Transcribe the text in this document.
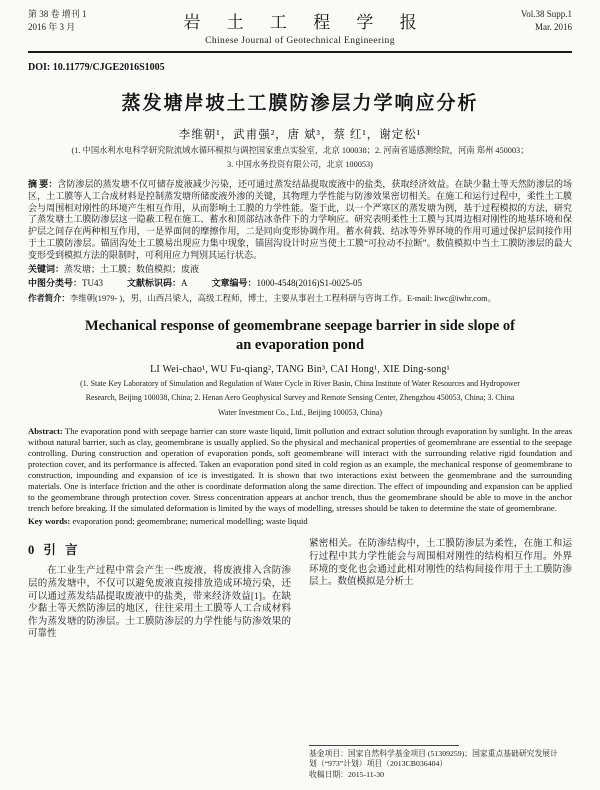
第 38 卷 增刊 1
2016 年 3 月	岩 土 工 程 学 报
Chinese Journal of Geotechnical Engineering
Vol.38 Supp.1
Mar. 2016
DOI: 10.11779/CJGE2016S1005
蒸发塘岸坡土工膜防渗层力学响应分析
李维朝¹，武甫强²，唐 斌³，蔡 红¹，谢定松¹
(1. 中国水利水电科学研究院流域水循环模拟与调控国家重点实验室，北京 100038；2. 河南省遥感测绘院，河南 郑州 450003；
3. 中国水务投资有限公司，北京 100053)

摘 要：含防渗层的蒸发塘不仅可储存废液减少污染，还可通过蒸发结晶提取废液中的盐类，获取经济效益。在缺少黏土等天然防渗层的场区，土工膜等人工合成材料是控制蒸发塘所储废液外渗的关键，其物理力学性能与防渗效果密切相关。在施工和运行过程中，柔性土工膜会与周围相对刚性的环境产生相互作用，从而影响土工膜的力学性能。鉴于此，以一个严寒区的蒸发塘为例，基于过程模拟的方法，研究了蒸发塘土工膜防渗层这一隐蔽工程在施工、蓄水和顶部结冰条件下的力学响应。研究表明柔性土工膜与其周边相对刚性的地基环境和保护层之间存在两种相互作用，一是界面间的摩擦作用，二是同向变形协调作用。蓄水荷载、结冰等外界环境的作用可通过保护层间接作用于土工膜防渗层。锚固沟处土工膜易出现应力集中现象，锚固沟设计时应当使土工膜“可拉动不拉断”。数值模拟中当土工膜防渗层的最大变形受到模拟方法的限制时，可利用应力判别其运行状态。

关键词：蒸发塘；土工膜；数值模拟；废液

中图分类号：TU43	文献标识码：A	文章编号：1000-4548(2016)S1-0025-05

作者简介：李维朝(1979- )，男，山西吕梁人，高级工程师，博士，主要从事岩土工程科研与咨询工作。E-mail: liwc@iwhr.com。

Mechanical response of geomembrane seepage barrier in side slope of
an evaporation pond
LI Wei-chao¹, WU Fu-qiang², TANG Bin³, CAI Hong¹, XIE Ding-song¹
(1. State Key Laboratory of Simulation and Regulation of Water Cycle in River Basin, China Institute of Water Resources and Hydropower
Research, Beijing 100038, China; 2. Henan Aero Geophysical Survey and Remote Sensing Center, Zhengzhou 450053, China; 3. China
Water Investment Co., Ltd., Beijing 100053, China)

Abstract: The evaporation pond with seepage barrier can store waste liquid, limit pollution and extract solution through evaporation by sunlight. In the areas without natural barrier, such as clay, geomembrane is usually applied. So the physical and mechanical properties of geomembrane are essential to the seepage controlling. During construction and operation of evaporation ponds, soft geomembrane will interact with the surrounding relative rigid foundation and protection cover, and its performance is affected. Taken an evaporation pond sited in cold region as an example, the mechanical response of geomembrane to construction, impounding and expansion of ice is investigated. It is shown that two interactions exist between the geomembrane and the surrounding materials. One is interface friction and the other is coordinate deformation along the same direction. The effect of impounding and expansion can be applied to the geomembrane through protection cover. Stress concentration appears at anchor trench, thus the geomembrane should be able to move in the anchor trench before breaking. If the simulated deformation is limited by the ways of modelling, stresses should be taken to determine the state of geomembrane.

Key words: evaporation pond; geomembrane; numerical modelling; waste liquid

0 引 言

在工业生产过程中常会产生一些废液，将废液排入含防渗层的蒸发塘中，不仅可以避免废液直接排放造成环境污染，还可以通过蒸发结晶提取废液中的盐类，带来经济效益[1]。在缺少黏土等天然防渗层的地区，往往采用土工膜等人工合成材料作为蒸发塘的防渗层。土工膜防渗层的力学性能与防渗效果的可靠性

紧密相关。在防渗结构中，土工膜防渗层为柔性，在施工和运行过程中其力学性能会与周围相对刚性的结构相互作用。外界环境的变化也会通过此相对刚性的结构间接作用于土工膜防渗层上。数值模拟是分析土

基金项目：国家自然科学基金项目 (51309259)；国家重点基础研究发展计
划（“973”计划）项目（2013CB036404）
收稿日期：2015-11-30
